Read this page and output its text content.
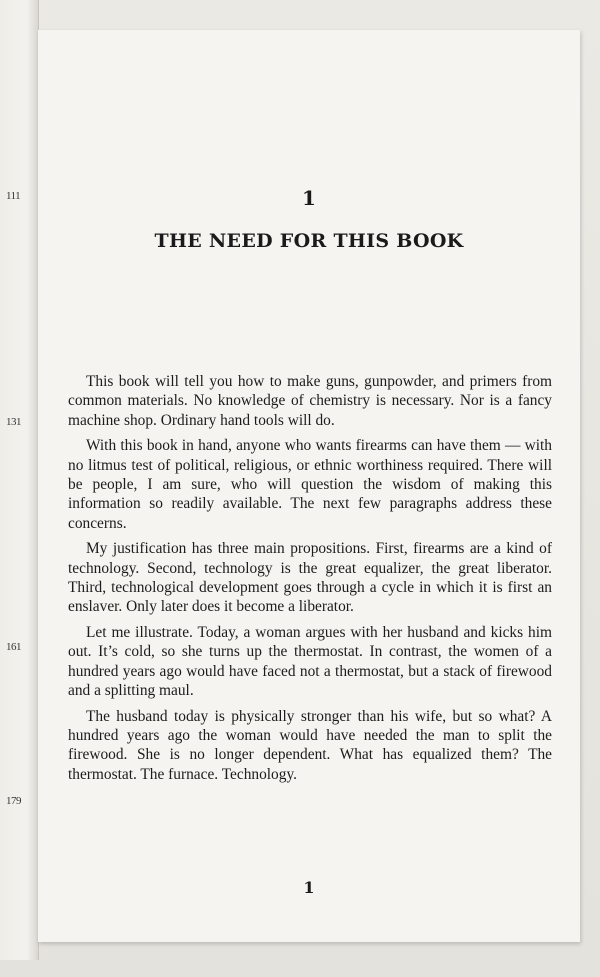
111
131
161
179
1
THE NEED FOR THIS BOOK

This book will tell you how to make guns, gunpowder, and primers from common materials. No knowledge of chemistry is necessary. Nor is a fancy machine shop. Ordinary hand tools will do.

With this book in hand, anyone who wants firearms can have them — with no litmus test of political, religious, or ethnic worthiness required. There will be people, I am sure, who will question the wisdom of making this information so readily available. The next few paragraphs address these concerns.

My justification has three main propositions. First, firearms are a kind of technology. Second, technology is the great equalizer, the great liberator. Third, technological development goes through a cycle in which it is first an enslaver. Only later does it become a liberator.

Let me illustrate. Today, a woman argues with her husband and kicks him out. It’s cold, so she turns up the thermostat. In contrast, the women of a hundred years ago would have faced not a thermostat, but a stack of firewood and a splitting maul.

The husband today is physically stronger than his wife, but so what? A hundred years ago the woman would have needed the man to split the firewood. She is no longer dependent. What has equalized them? The thermostat. The furnace. Technology.

1
